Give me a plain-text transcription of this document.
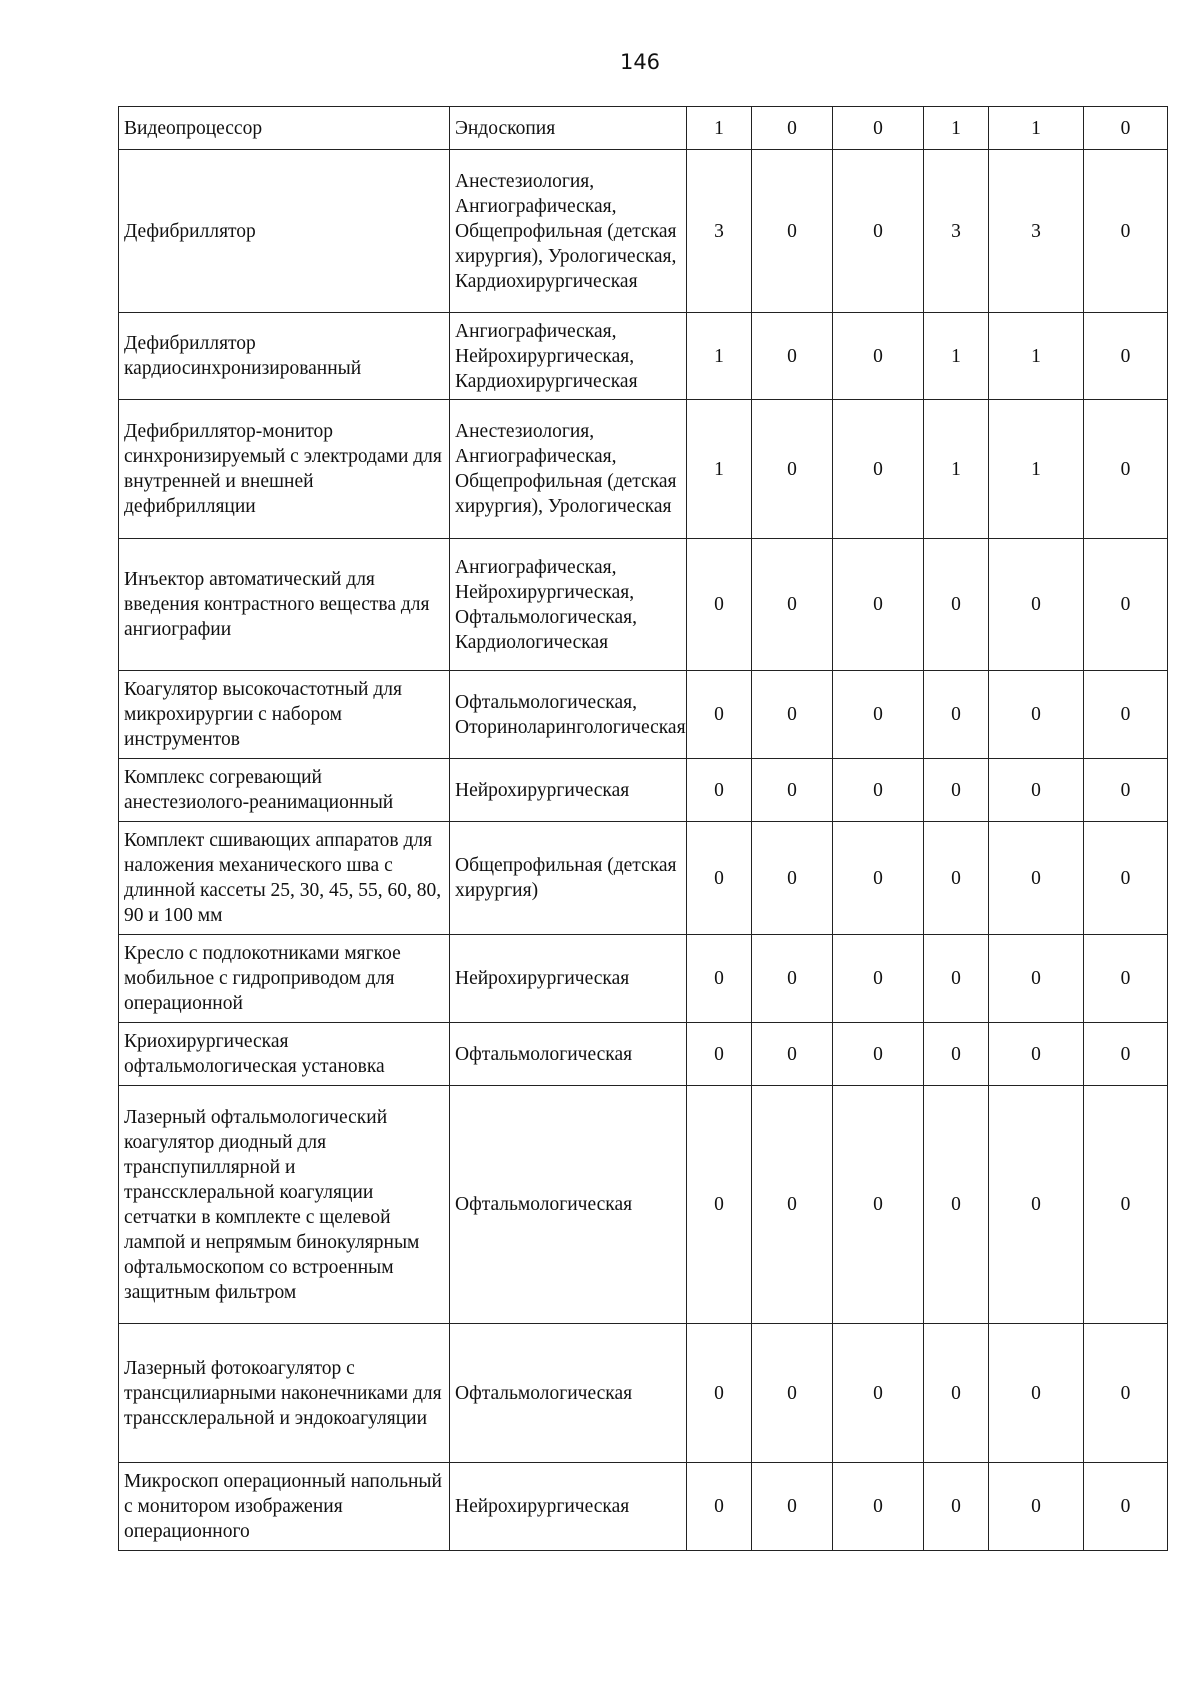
146
Видеопроцессор	Эндоскопия	1	0	0	1	1	0
Дефибриллятор	Анестезиология, Ангиографическая, Общепрофильная (детская хирургия), Урологическая, Кардиохирургическая	3	0	0	3	3	0
Дефибриллятор кардиосинхронизированный	Ангиографическая, Нейрохирургическая, Кардиохирургическая	1	0	0	1	1	0
Дефибриллятор-монитор синхронизируемый с электродами для внутренней и внешней дефибрилляции	Анестезиология, Ангиографическая, Общепрофильная (детская хирургия), Урологическая	1	0	0	1	1	0
Инъектор автоматический для введения контрастного вещества для ангиографии	Ангиографическая, Нейрохирургическая, Офтальмологическая, Кардиологическая	0	0	0	0	0	0
Коагулятор высокочастотный для микрохирургии с набором инструментов	Офтальмологическая, Оториноларингологическая	0	0	0	0	0	0
Комплекс согревающий анестезиолого-реанимационный	Нейрохирургическая	0	0	0	0	0	0
Комплект сшивающих аппаратов для наложения механического шва с длинной кассеты 25, 30, 45, 55, 60, 80, 90 и 100 мм	Общепрофильная (детская хирургия)	0	0	0	0	0	0
Кресло с подлокотниками мягкое мобильное с гидроприводом для операционной	Нейрохирургическая	0	0	0	0	0	0
Криохирургическая офтальмологическая установка	Офтальмологическая	0	0	0	0	0	0
Лазерный офтальмологический коагулятор диодный для транспупиллярной и транссклеральной коагуляции сетчатки в комплекте с щелевой лампой и непрямым бинокулярным офтальмоскопом со встроенным защитным фильтром	Офтальмологическая	0	0	0	0	0	0
Лазерный фотокоагулятор с трансцилиарными наконечниками для транссклеральной и эндокоагуляции	Офтальмологическая	0	0	0	0	0	0
Микроскоп операционный напольный с монитором изображения операционного	Нейрохирургическая	0	0	0	0	0	0
